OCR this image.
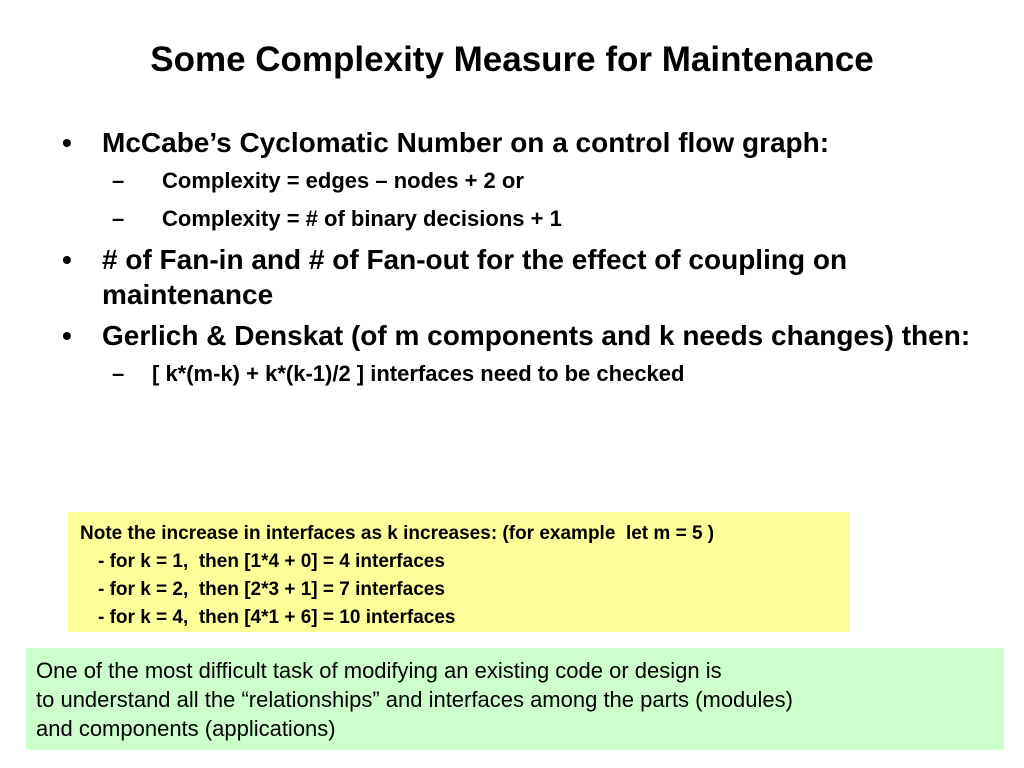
Some Complexity Measure for Maintenance
• McCabe’s Cyclomatic Number on a control flow graph:
– Complexity = edges – nodes + 2 or
– Complexity = # of binary decisions + 1
• # of Fan-in and # of Fan-out for the effect of coupling on maintenance
• Gerlich & Denskat (of m components and k needs changes) then:
– [ k*(m-k) + k*(k-1)/2 ] interfaces need to be checked
Note the increase in interfaces as k increases: (for example  let m = 5 )
- for k = 1,  then [1*4 + 0] = 4 interfaces
- for k = 2,  then [2*3 + 1] = 7 interfaces
- for k = 4,  then [4*1 + 6] = 10 interfaces
One of the most difficult task of modifying an existing code or design is
to understand all the “relationships” and interfaces among the parts (modules)
and components (applications)
